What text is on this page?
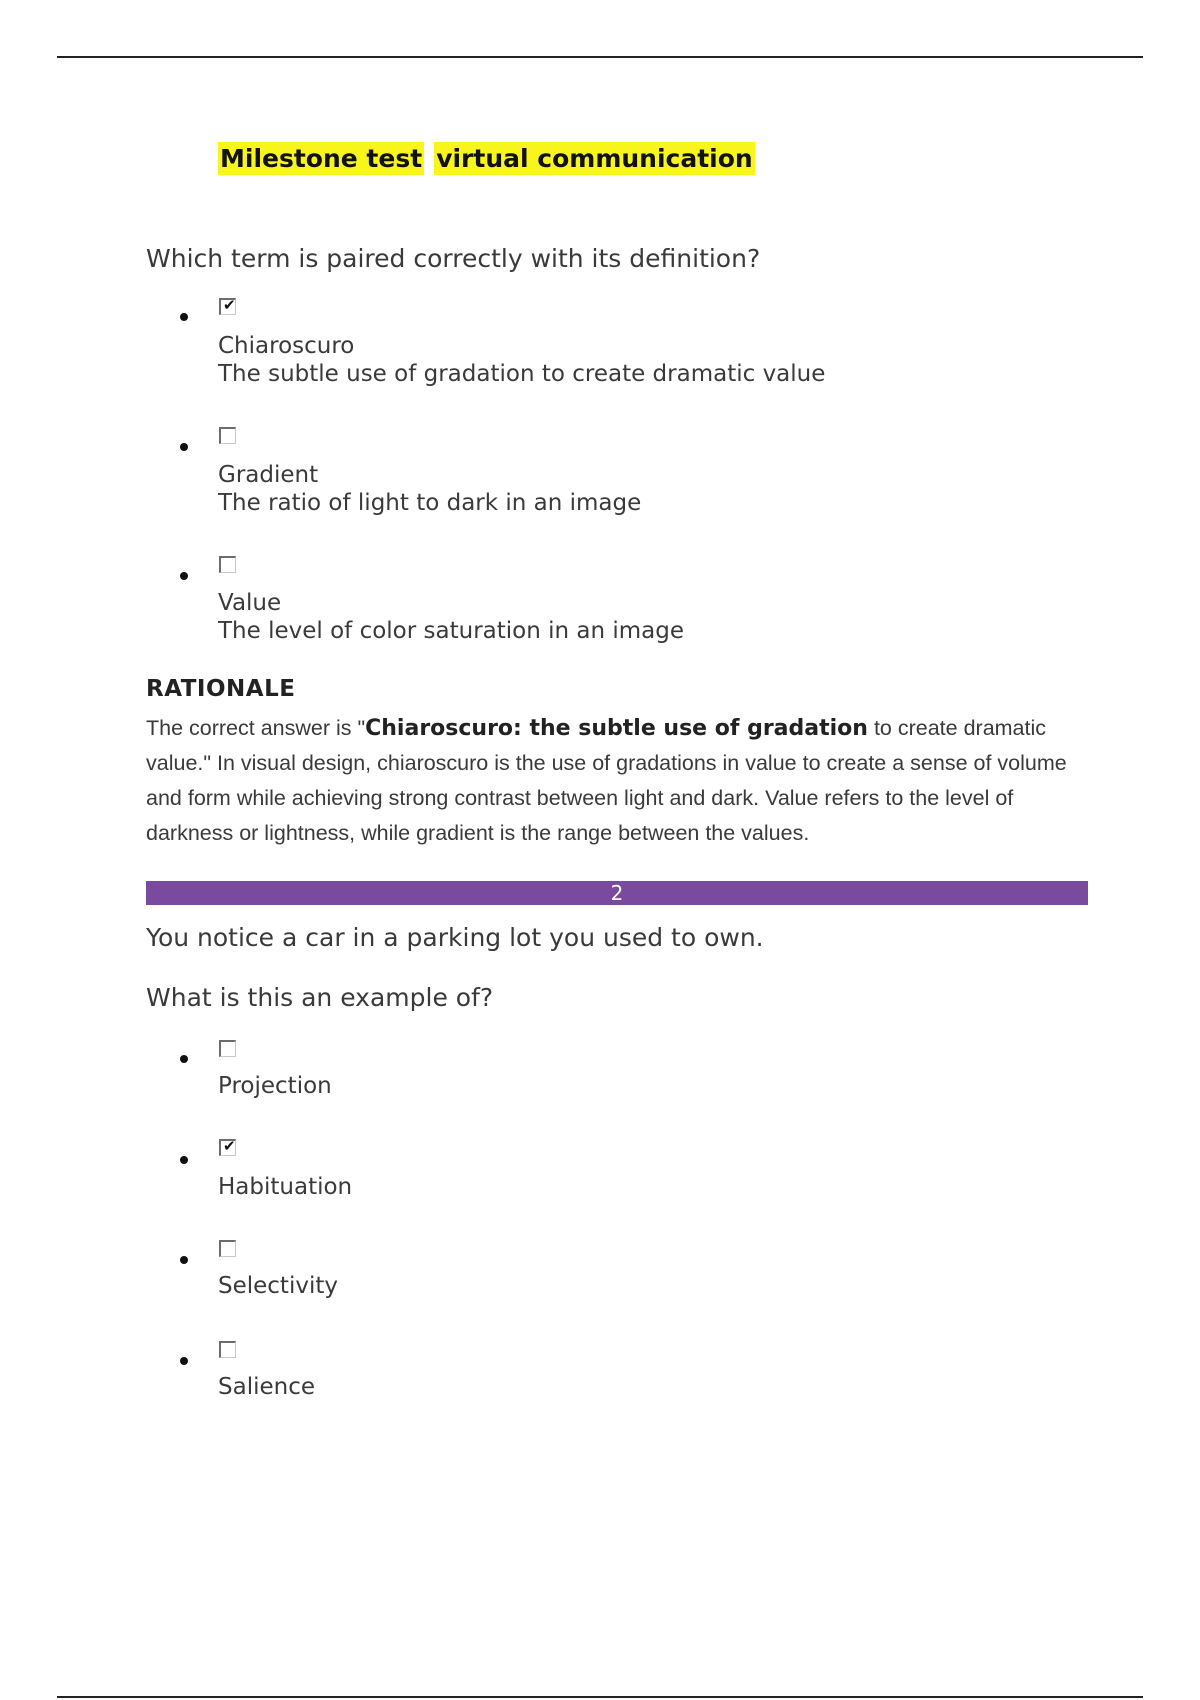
Milestone test virtual communication
Which term is paired correctly with its definition?
✔
Chiaroscuro
The subtle use of gradation to create dramatic value
Gradient
The ratio of light to dark in an image
Value
The level of color saturation in an image
RATIONALE
The correct answer is "Chiaroscuro: the subtle use of gradation to create dramatic value." In visual design, chiaroscuro is the use of gradations in value to create a sense of volume and form while achieving strong contrast between light and dark. Value refers to the level of darkness or lightness, while gradient is the range between the values.
2
You notice a car in a parking lot you used to own.
What is this an example of?
Projection
✔
Habituation
Selectivity
Salience
